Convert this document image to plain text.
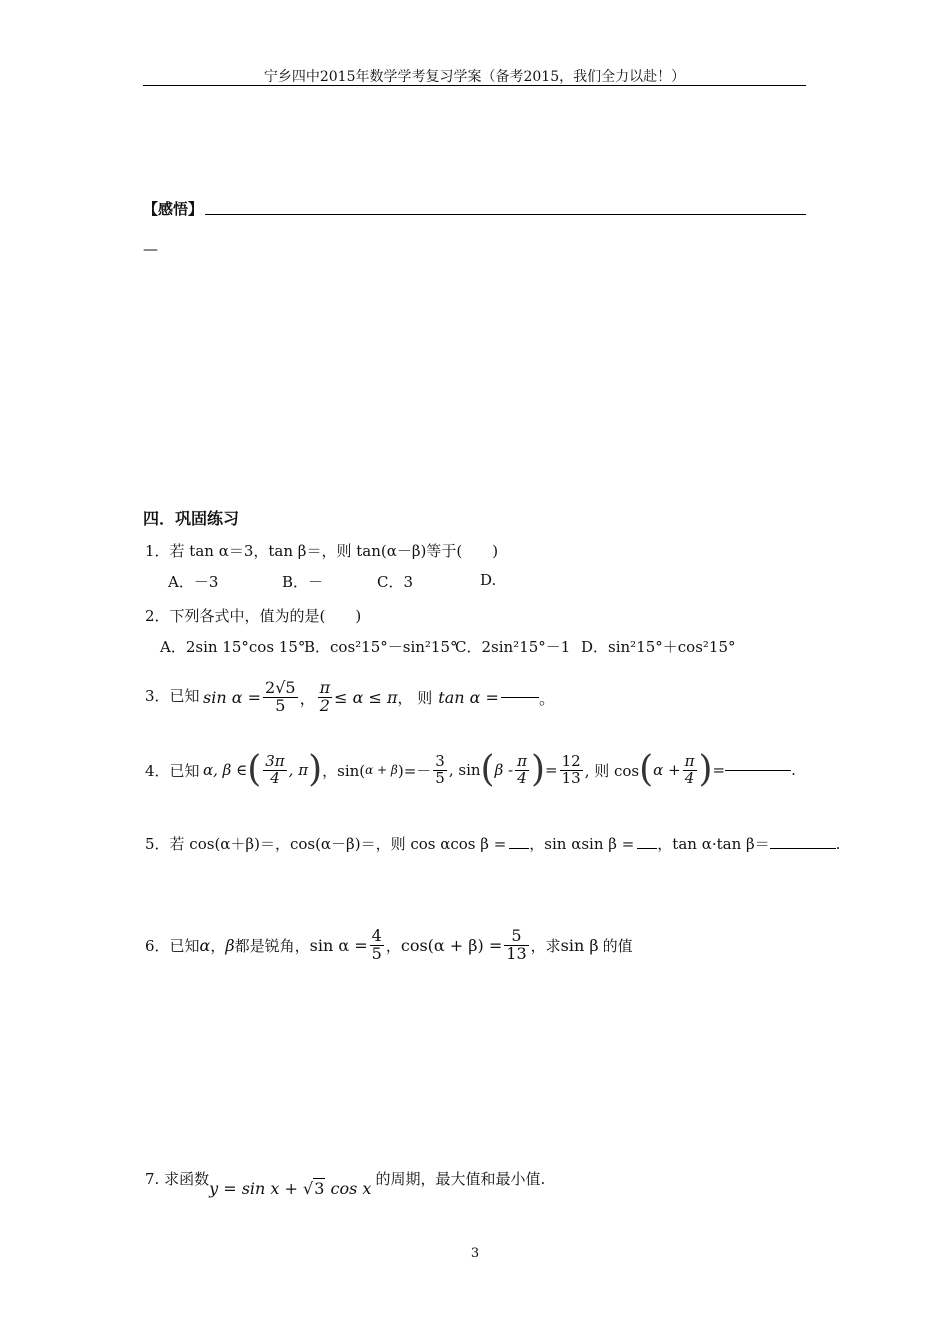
宁乡四中2015年数学学考复习学案（备考2015，我们全力以赴！）
【感悟】
—
四．巩固练习
1．若 tan α＝3，tan β＝，则 tan(α－β)等于(　　)
A．－3	B．－	C．3	D.
2．下列各式中，值为的是(　　)
A．2sin 15°cos 15°
B．cos²15°－sin²15°
C．2sin²15°－1 D．sin²15°＋cos²15°
3．已知 $\sin \alpha = \frac{2√5}{5}$ ， $\frac{\pi}{2} \le \alpha \le \pi$ ， 则 tan α =	。
4．已知 α, β ∈ ( $\frac{3\pi}{4}$ , π ) ，sin( α + β )=－ $\frac{3}{5}$ , sin ( β - $\frac{\pi}{4}$ ) = $\frac{12}{13}$ , 则 cos ( $\alpha + \frac{\pi}{4}$ ) =	.
5．若 cos(α＋β)＝，cos(α－β)＝，则 cos αcos β = ，sin αsin β = ，tan α·tan β＝	.
6．已知 α ， β 都是锐角， $\sin \alpha = \frac{4}{5}$ ， $\cos(\alpha + \beta) = \frac{5}{13}$ ，求 sin β 的值
7. 求函数 y = sin x + √3 cos x 的周期，最大值和最小值.
3
